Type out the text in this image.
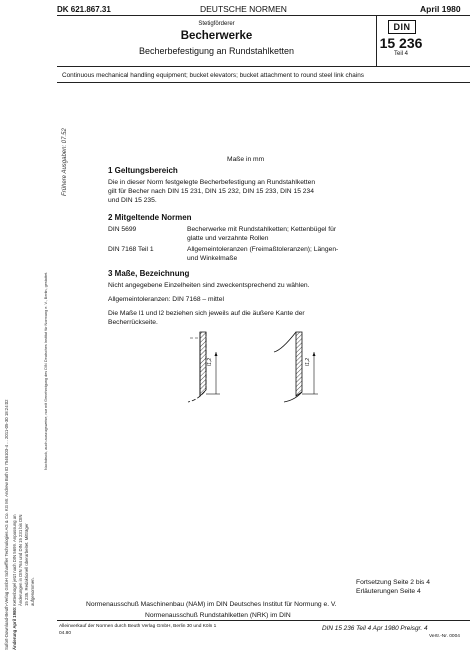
Sofort-Download-Beuth-Verlag GmbH Schaeffler Technologies AG & Co. KG Mr. Andrew Bath ID 7546103-4 ... 2011-05-30 18:24:02 Änderung April 1980:
Kettenbügel jetzt nach DIN 5699. Anpassung an Änderungen in DIN 764 und DIN 15 231 bis DIN 15 235. Redaktionell überarbeitet. Mitträger aufgenommen.
Nachdruck, auch auszugsweise, nur mit Genehmigung des DIN Deutsches Institut für Normung e. V., Berlin, gestattet.
Frühere Ausgaben: 07.52
DK 621.867.31	DEUTSCHE NORMEN	April 1980
Stetigförderer
Becherwerke
Becherbefestigung an Rundstahlketten
DIN
15 236
Teil 4
Continuous mechanical handling equipment; bucket elevators; bucket attachment to round steel link chains
Maße in mm
1 Geltungsbereich
Die in dieser Norm festgelegte Becherbefestigung an Rundstahlketten
gilt für Becher nach DIN 15 231, DIN 15 232, DIN 15 233, DIN 15 234
und DIN 15 235.
2 Mitgeltende Normen
DIN 5699	Becherwerke mit Rundstahlketten; Kettenbügel für
glatte und verzahnte Rollen
DIN 7168 Teil 1	Allgemeintoleranzen (Freimaßtoleranzen); Längen-
und Winkelmaße
3 Maße, Bezeichnung
Nicht angegebene Einzelheiten sind zweckentsprechend zu wählen.
Allgemeintoleranzen: DIN 7168 – mittel
Die Maße l1 und l2 beziehen sich jeweils auf die äußere Kante der
Becherrückseite.
l1,2	l1,2
Fortsetzung Seite 2 bis 4
Erläuterungen Seite 4
Normenausschuß Maschinenbau (NAM) im DIN Deutsches Institut für Normung e. V.
Normenausschuß Rundstahlketten (NRK) im DIN
Alleinverkauf der Normen durch Beuth Verlag GmbH, Berlin 30 und Köln 1
04.80
DIN 15 236 Teil 4 Apr 1980 Preisgr. 4
Vertr.-Nr. 0004
